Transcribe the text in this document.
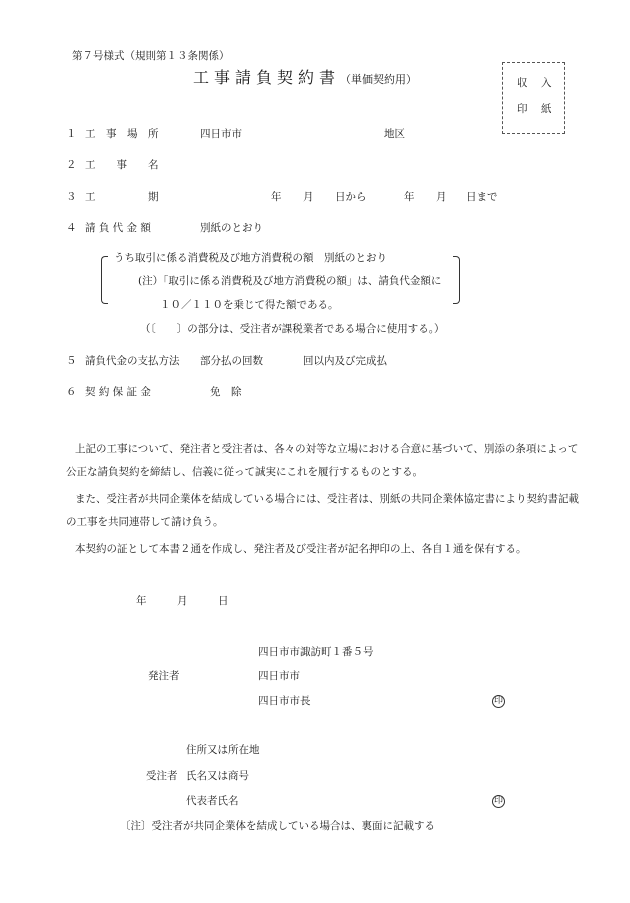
第７号様式（規則第１３条関係）
工事請負契約書（単価契約用）	収 入
印 紙
１ 工　事　場　所	四日市市	地区
２ 工　　事　　名
３ 工　　　　　期	年 月 日から	年 月 日まで
４ 請 負 代 金 額	別紙のとおり
うち取引に係る消費税及び地方消費税の額　別紙のとおり
(注）「取引に係る消費税及び地方消費税の額」は、請負代金額に
１０／１１０を乗じて得た額である。
（〔　　〕の部分は、受注者が課税業者である場合に使用する。）
５ 請負代金の支払方法 部分払の回数	回以内及び完成払
６ 契 約 保 証 金	免　除
上記の工事について、発注者と受注者は、各々の対等な立場における合意に基づいて、別添の条項によって
公正な請負契約を締結し、信義に従って誠実にこれを履行するものとする。
また、受注者が共同企業体を結成している場合には、受注者は、別紙の共同企業体協定書により契約書記載
の工事を共同連帯して請け負う。
本契約の証として本書２通を作成し、発注者及び受注者が記名押印の上、各自１通を保有する。
年	月	日
四日市市諏訪町１番５号
発注者	四日市市
四日市市長	印
住所又は所在地
受注者 氏名又は商号
代表者氏名	印
〔注〕受注者が共同企業体を結成している場合は、裏面に記載する
